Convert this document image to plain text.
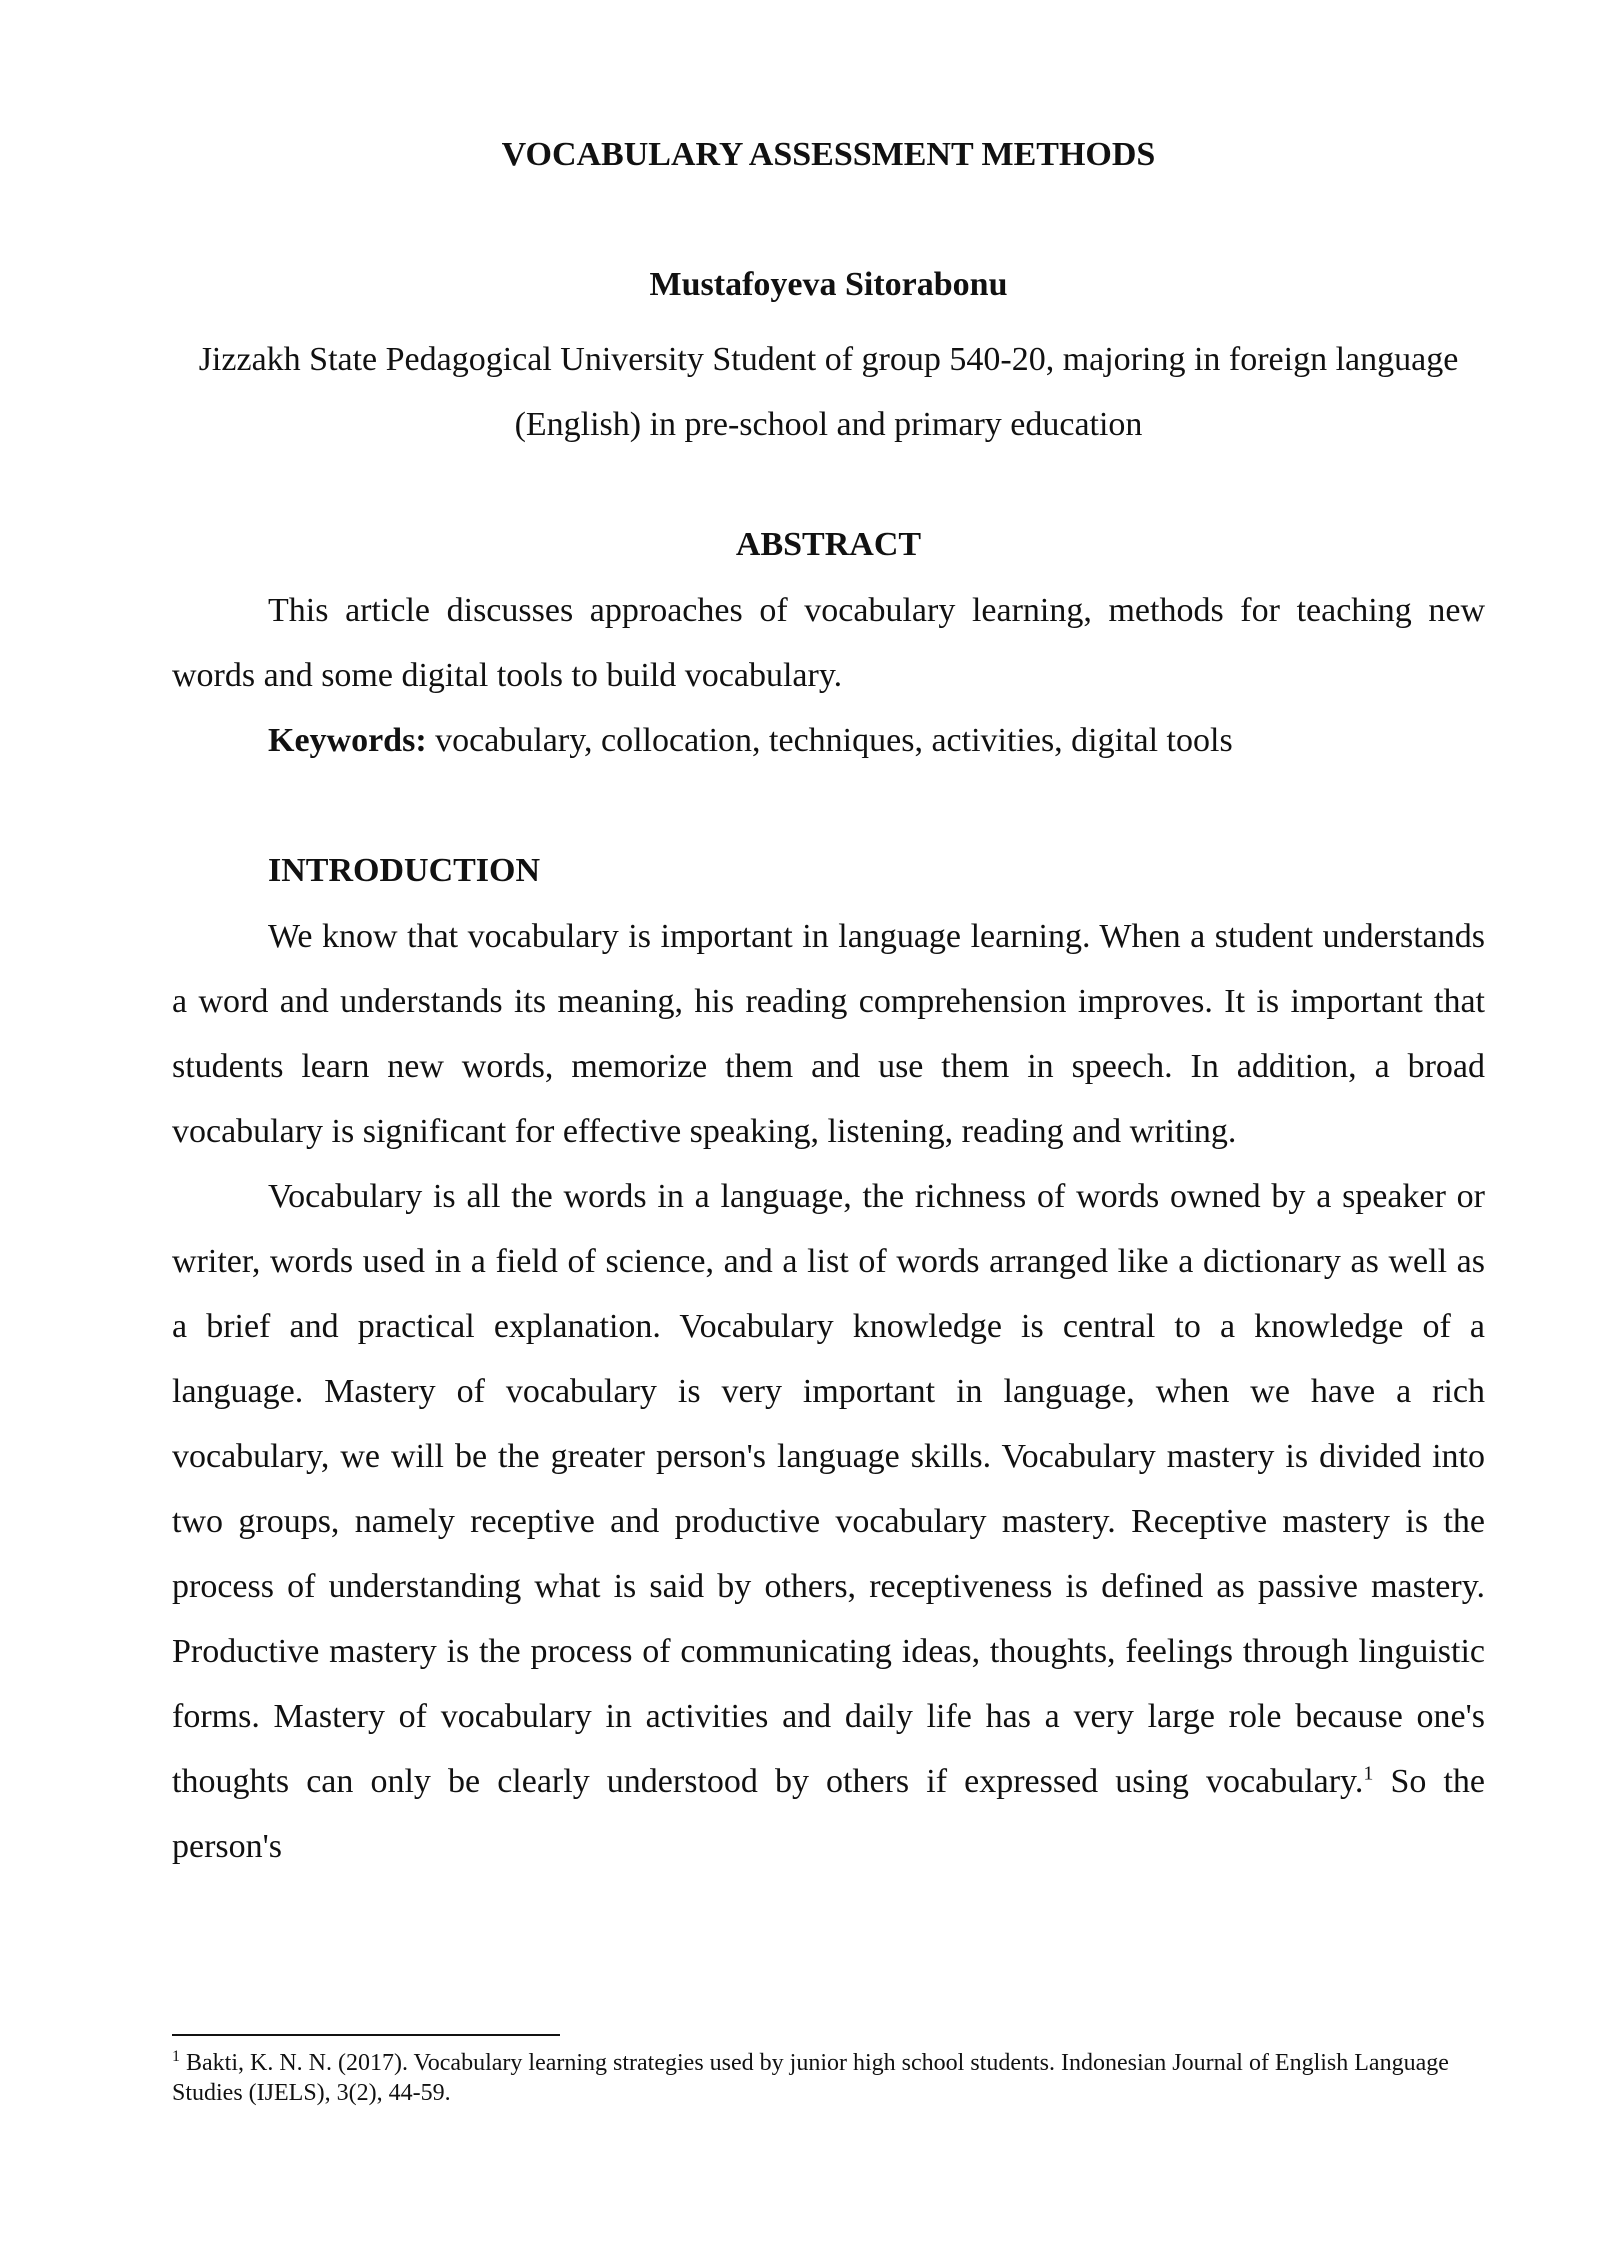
VOCABULARY ASSESSMENT METHODS
Mustafoyeva Sitorabonu
Jizzakh State Pedagogical University Student of group 540-20, majoring in foreign language (English) in pre-school and primary education
ABSTRACT

This article discusses approaches of vocabulary learning, methods for teaching new words and some digital tools to build vocabulary.

Keywords: vocabulary, collocation, techniques, activities, digital tools

INTRODUCTION

We know that vocabulary is important in language learning. When a student understands a word and understands its meaning, his reading comprehension improves. It is important that students learn new words, memorize them and use them in speech. In addition, a broad vocabulary is significant for effective speaking, listening, reading and writing.

Vocabulary is all the words in a language, the richness of words owned by a speaker or writer, words used in a field of science, and a list of words arranged like a dictionary as well as a brief and practical explanation. Vocabulary knowledge is central to a knowledge of a language. Mastery of vocabulary is very important in language, when we have a rich vocabulary, we will be the greater person's language skills. Vocabulary mastery is divided into two groups, namely receptive and productive vocabulary mastery. Receptive mastery is the process of understanding what is said by others, receptiveness is defined as passive mastery. Productive mastery is the process of communicating ideas, thoughts, feelings through linguistic forms. Mastery of vocabulary in activities and daily life has a very large role because one's thoughts can only be clearly understood by others if expressed using vocabulary.$^1$ So the person's

$^1$ Bakti, K. N. N. (2017). Vocabulary learning strategies used by junior high school students. Indonesian Journal of English Language Studies (IJELS), 3(2), 44-59.
